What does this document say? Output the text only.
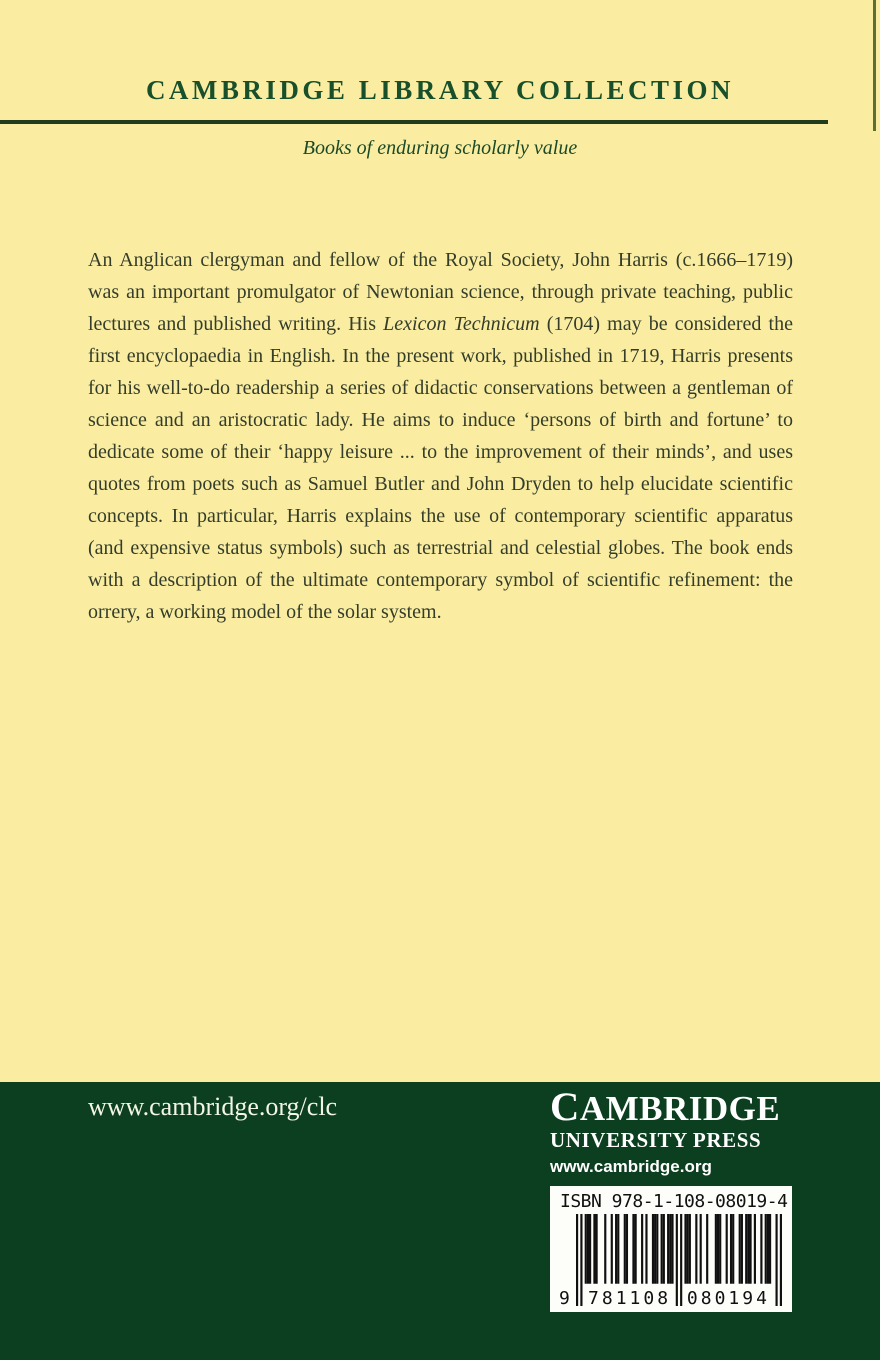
CAMBRIDGE LIBRARY COLLECTION
Books of enduring scholarly value

An Anglican clergyman and fellow of the Royal Society, John Harris (c.1666–1719) was an important promulgator of Newtonian science, through private teaching, public lectures and published writing. His Lexicon Technicum (1704) may be considered the first encyclopaedia in English. In the present work, published in 1719, Harris presents for his well-to-do readership a series of didactic conservations between a gentleman of science and an aristocratic lady. He aims to induce ‘persons of birth and fortune’ to dedicate some of their ‘happy leisure ... to the improvement of their minds’, and uses quotes from poets such as Samuel Butler and John Dryden to help elucidate scientific concepts. In particular, Harris explains the use of contemporary scientific apparatus (and expensive status symbols) such as terrestrial and celestial globes. The book ends with a description of the ultimate contemporary symbol of scientific refinement: the orrery, a working model of the solar system.

www.cambridge.org/clc	CAMBRIDGE
UNIVERSITY PRESS
www.cambridge.org
ISBN 978-1-108-08019-4
9 781108 080194
